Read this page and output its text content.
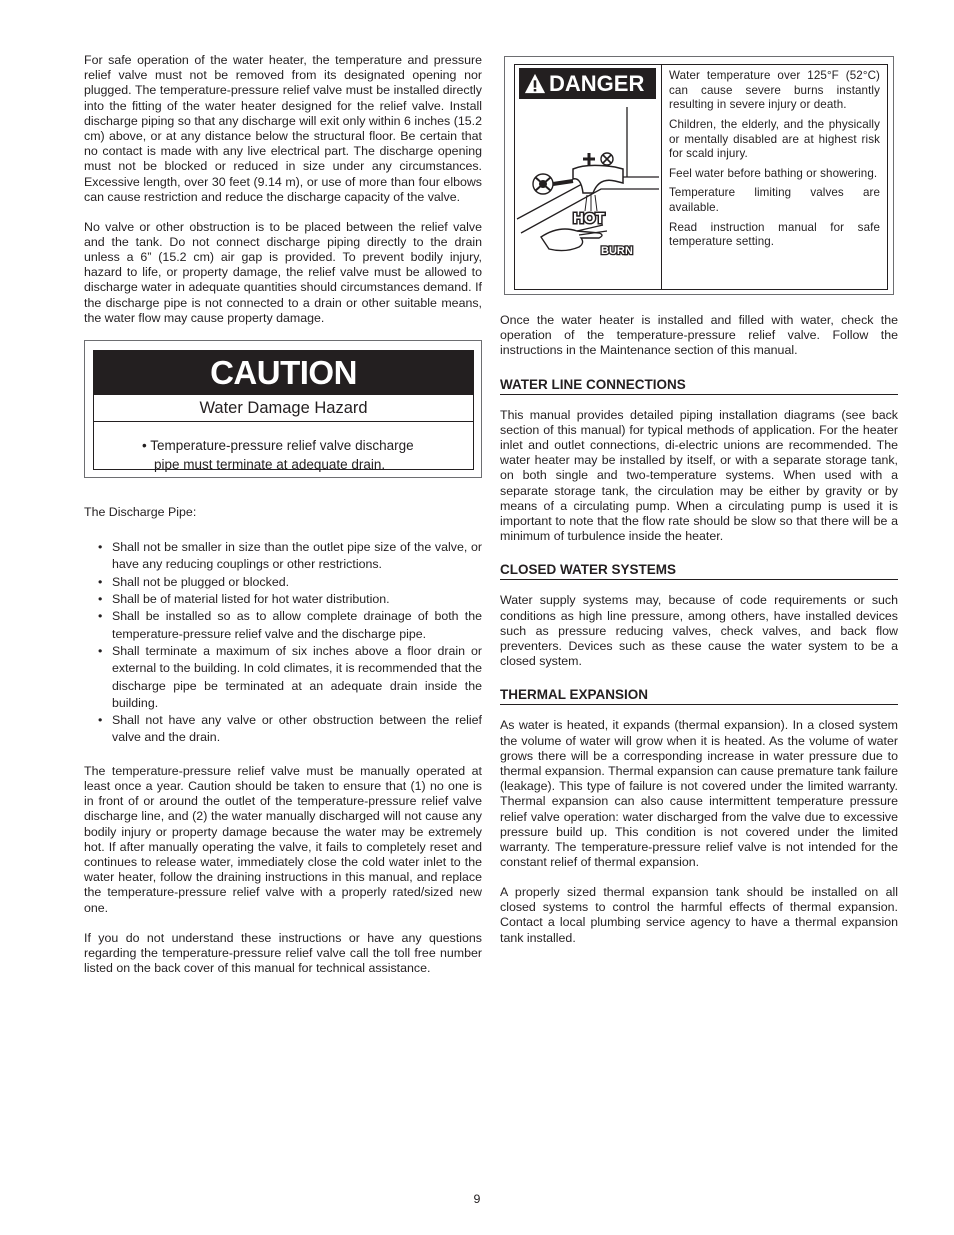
For safe operation of the water heater, the temperature and pressure relief valve must not be removed from its designated opening nor plugged. The temperature-pressure relief valve must be installed directly into the fitting of the water heater designed for the relief valve. Install discharge piping so that any discharge will exit only within 6 inches (15.2 cm) above, or at any distance below the structural floor. Be certain that no contact is made with any live electrical part. The discharge opening must not be blocked or reduced in size under any circumstances. Excessive length, over 30 feet (9.14 m), or use of more than four elbows can cause restriction and reduce the discharge capacity of the valve.

No valve or other obstruction is to be placed between the relief valve and the tank. Do not connect discharge piping directly to the drain unless a 6” (15.2 cm) air gap is provided. To prevent bodily injury, hazard to life, or property damage, the relief valve must be allowed to discharge water in adequate quantities should circumstances demand. If the discharge pipe is not connected to a drain or other suitable means, the water flow may cause property damage.

CAUTION
Water Damage Hazard
• Temperature-pressure relief valve discharge
pipe must terminate at adequate drain.

The Discharge Pipe:

• Shall not be smaller in size than the outlet pipe size of the valve, or have any reducing couplings or other restrictions.
• Shall not be plugged or blocked.
• Shall be of material listed for hot water distribution.
• Shall be installed so as to allow complete drainage of both the temperature-pressure relief valve and the discharge pipe.
• Shall terminate a maximum of six inches above a floor drain or external to the building. In cold climates, it is recommended that the discharge pipe be terminated at an adequate drain inside the building.
• Shall not have any valve or other obstruction between the relief valve and the drain.

The temperature-pressure relief valve must be manually operated at least once a year. Caution should be taken to ensure that (1) no one is in front of or around the outlet of the temperature-pressure relief valve discharge line, and (2) the water manually discharged will not cause any bodily injury or property damage because the water may be extremely hot. If after manually operating the valve, it fails to completely reset and continues to release water, immediately close the cold water inlet to the water heater, follow the draining instructions in this manual, and replace the temperature-pressure relief valve with a properly rated/sized new one.

If you do not understand these instructions or have any questions regarding the temperature-pressure relief valve call the toll free number listed on the back cover of this manual for technical assistance.

DANGER
HOT
BURN

Water temperature over 125°F (52°C) can cause severe burns instantly resulting in severe injury or death.

Children, the elderly, and the physically or mentally disabled are at highest risk for scald injury.

Feel water before bathing or showering.

Temperature limiting valves are available.

Read instruction manual for safe temperature setting.

Once the water heater is installed and filled with water, check the operation of the temperature-pressure relief valve. Follow the instructions in the Maintenance section of this manual.

WATER LINE CONNECTIONS

This manual provides detailed piping installation diagrams (see back section of this manual) for typical methods of application. For the heater inlet and outlet connections, di-electric unions are recommended. The water heater may be installed by itself, or with a separate storage tank, on both single and two-temperature systems. When used with a separate storage tank, the circulation may be either by gravity or by means of a circulating pump. When a circulating pump is used it is important to note that the flow rate should be slow so that there will be a minimum of turbulence inside the heater.

CLOSED WATER SYSTEMS

Water supply systems may, because of code requirements or such conditions as high line pressure, among others, have installed devices such as pressure reducing valves, check valves, and back flow preventers. Devices such as these cause the water system to be a closed system.

THERMAL EXPANSION

As water is heated, it expands (thermal expansion). In a closed system the volume of water will grow when it is heated. As the volume of water grows there will be a corresponding increase in water pressure due to thermal expansion. Thermal expansion can cause premature tank failure (leakage). This type of failure is not covered under the limited warranty. Thermal expansion can also cause intermittent temperature pressure relief valve operation: water discharged from the valve due to excessive pressure build up. This condition is not covered under the limited warranty. The temperature-pressure relief valve is not intended for the constant relief of thermal expansion.

A properly sized thermal expansion tank should be installed on all closed systems to control the harmful effects of thermal expansion. Contact a local plumbing service agency to have a thermal expansion tank installed.

9
